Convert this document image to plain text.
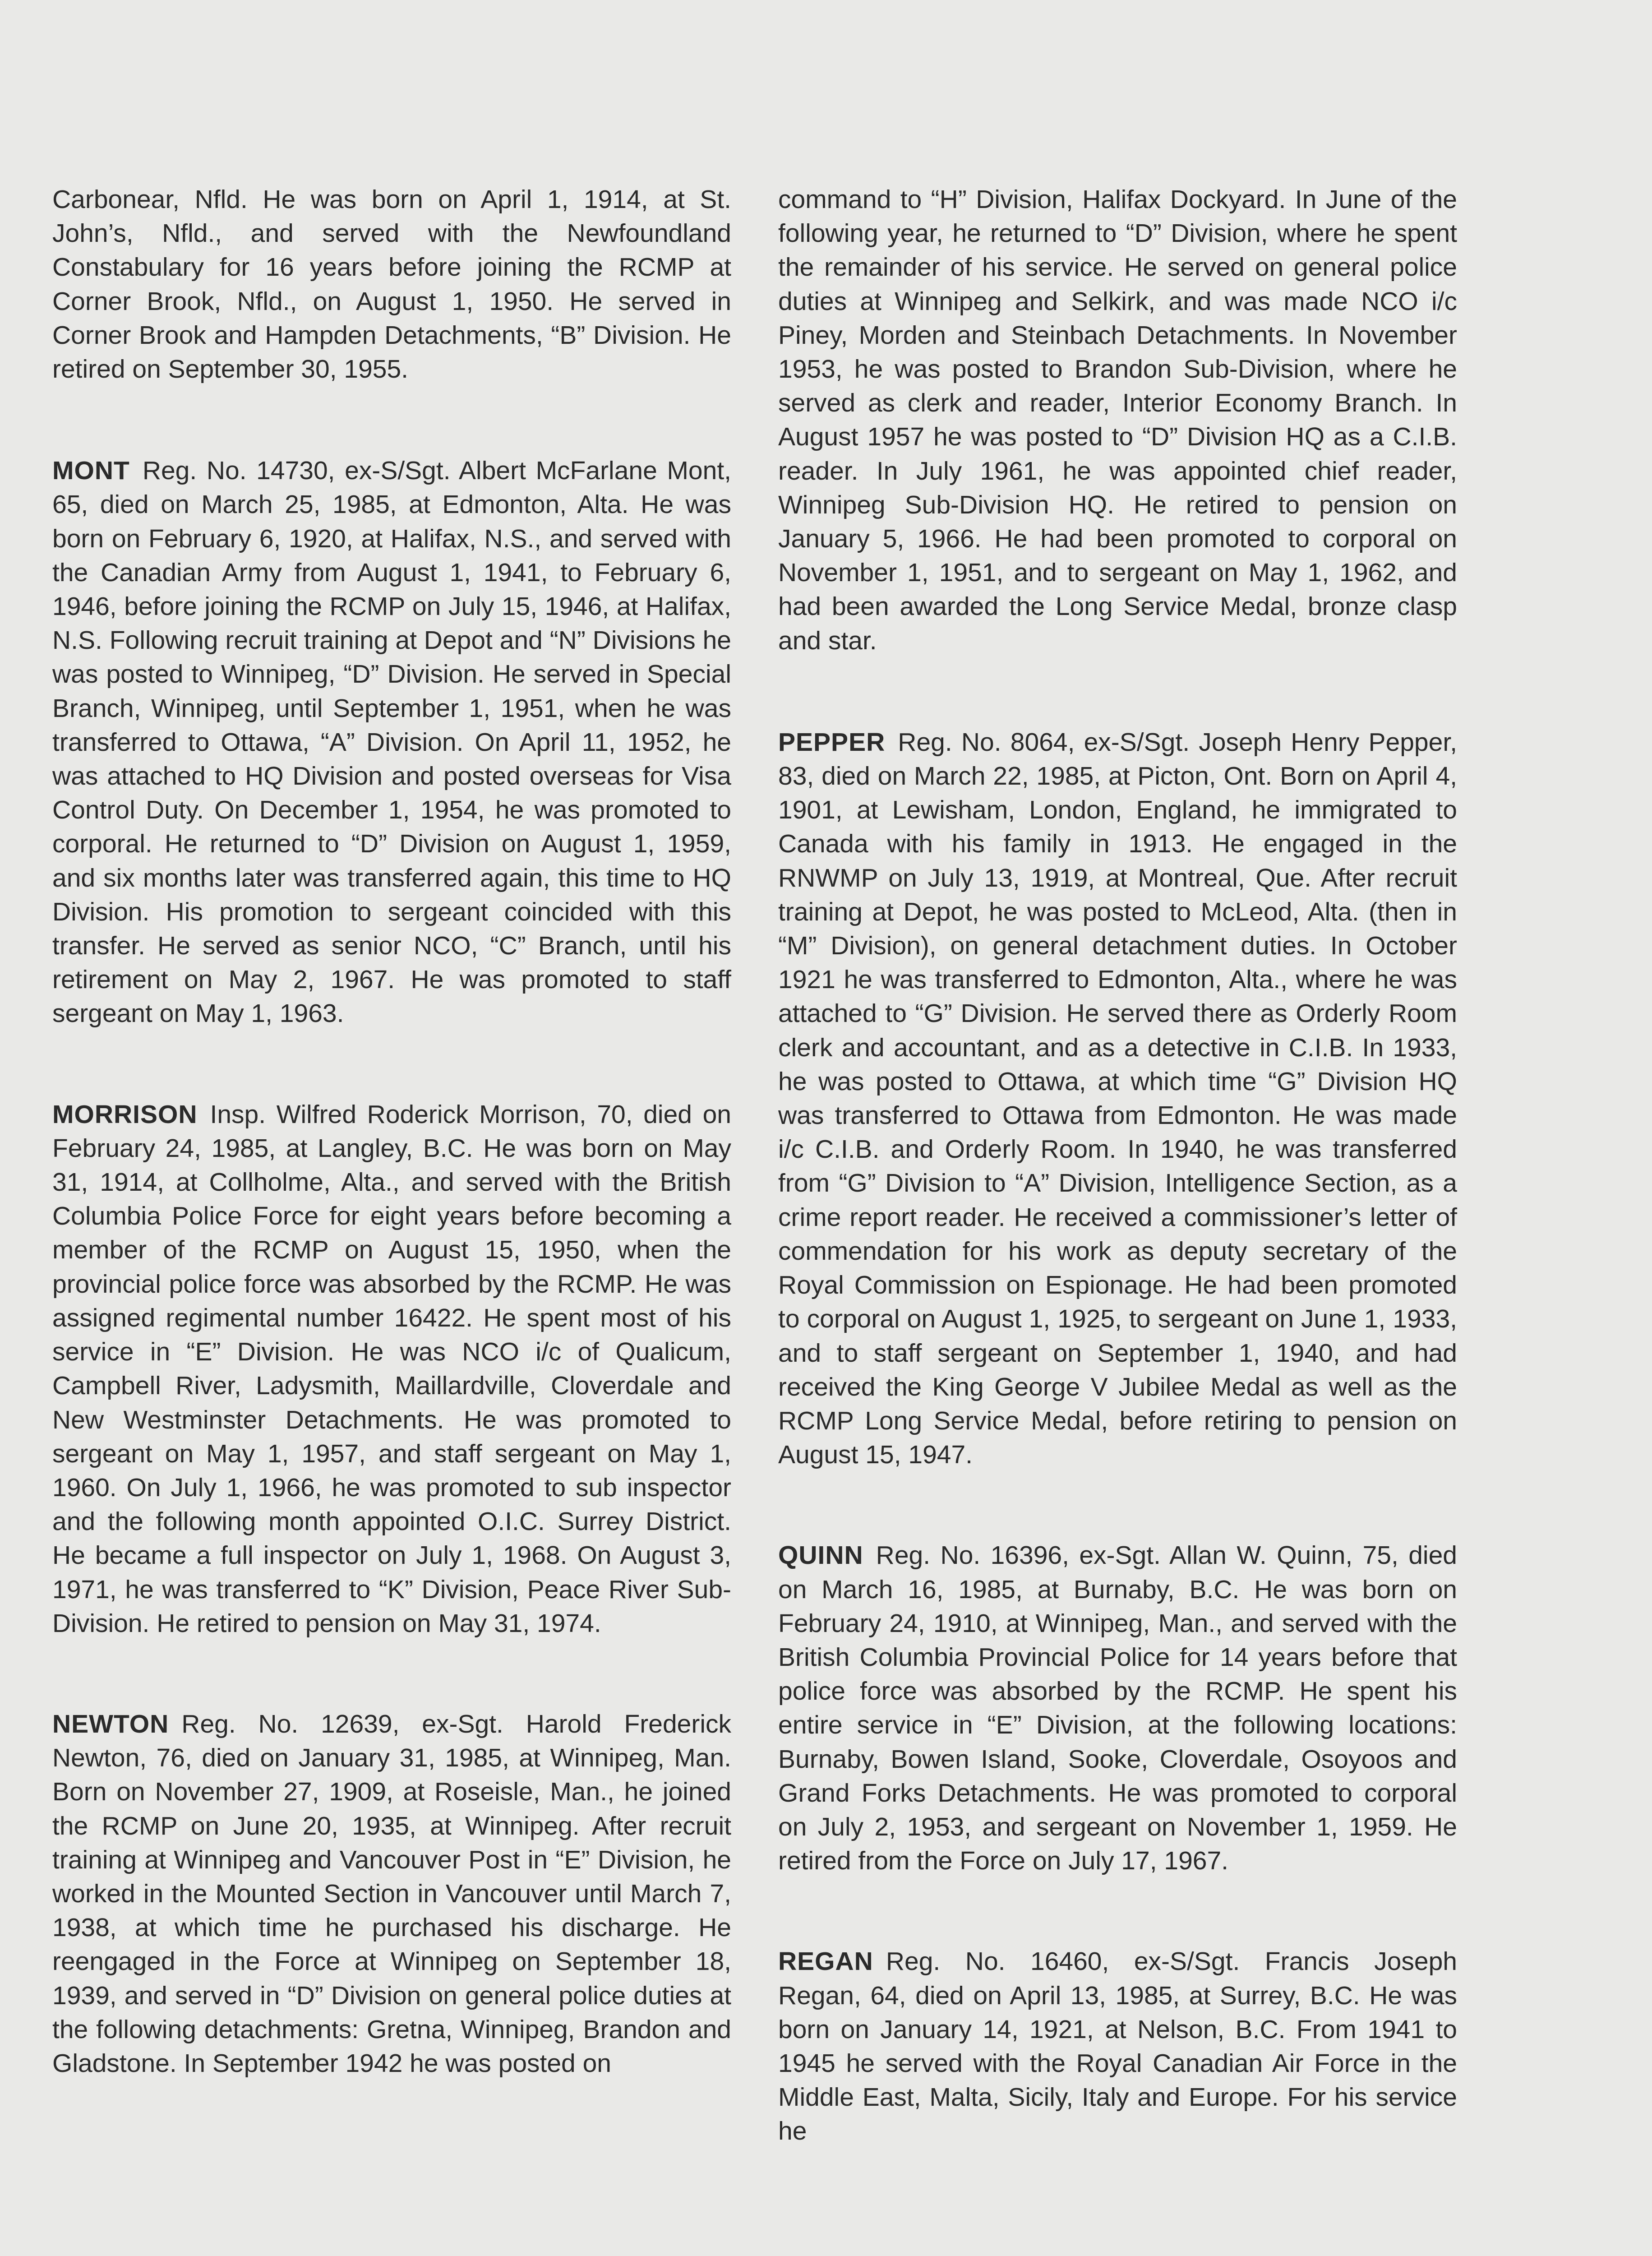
Carbonear, Nfld. He was born on April 1, 1914, at St. John’s, Nfld., and served with the Newfoundland Constabulary for 16 years before joining the RCMP at Corner Brook, Nfld., on August 1, 1950. He served in Corner Brook and Hampden Detachments, “B” Division. He retired on September 30, 1955.

MONT Reg. No. 14730, ex-S/Sgt. Albert McFarlane Mont, 65, died on March 25, 1985, at Edmonton, Alta. He was born on February 6, 1920, at Halifax, N.S., and served with the Canadian Army from August 1, 1941, to February 6, 1946, before joining the RCMP on July 15, 1946, at Halifax, N.S. Following recruit training at Depot and “N” Divisions he was posted to Winnipeg, “D” Division. He served in Special Branch, Winnipeg, until September 1, 1951, when he was transferred to Ottawa, “A” Division. On April 11, 1952, he was attached to HQ Division and posted overseas for Visa Control Duty. On December 1, 1954, he was promoted to corporal. He returned to “D” Division on August 1, 1959, and six months later was transferred again, this time to HQ Division. His promotion to sergeant coincided with this transfer. He served as senior NCO, “C” Branch, until his retirement on May 2, 1967. He was promoted to staff sergeant on May 1, 1963.

MORRISON Insp. Wilfred Roderick Morrison, 70, died on February 24, 1985, at Langley, B.C. He was born on May 31, 1914, at Collholme, Alta., and served with the British Columbia Police Force for eight years before becoming a member of the RCMP on August 15, 1950, when the provincial police force was absorbed by the RCMP. He was assigned regimental number 16422. He spent most of his service in “E” Division. He was NCO i/c of Qualicum, Campbell River, Ladysmith, Maillardville, Cloverdale and New Westminster Detachments. He was promoted to sergeant on May 1, 1957, and staff sergeant on May 1, 1960. On July 1, 1966, he was promoted to sub inspector and the following month appointed O.I.C. Surrey District. He became a full inspector on July 1, 1968. On August 3, 1971, he was transferred to “K” Division, Peace River Sub-Division. He retired to pension on May 31, 1974.

NEWTON Reg. No. 12639, ex-Sgt. Harold Frederick Newton, 76, died on January 31, 1985, at Winnipeg, Man. Born on November 27, 1909, at Roseisle, Man., he joined the RCMP on June 20, 1935, at Winnipeg. After recruit training at Winnipeg and Vancouver Post in “E” Division, he worked in the Mounted Section in Vancouver until March 7, 1938, at which time he purchased his discharge. He reengaged in the Force at Winnipeg on September 18, 1939, and served in “D” Division on general police duties at the following detachments: Gretna, Winnipeg, Brandon and Gladstone. In September 1942 he was posted on

command to “H” Division, Halifax Dockyard. In June of the following year, he returned to “D” Division, where he spent the remainder of his service. He served on general police duties at Winnipeg and Selkirk, and was made NCO i/c Piney, Morden and Steinbach Detachments. In November 1953, he was posted to Brandon Sub-Division, where he served as clerk and reader, Interior Economy Branch. In August 1957 he was posted to “D” Division HQ as a C.I.B. reader. In July 1961, he was appointed chief reader, Winnipeg Sub-Division HQ. He retired to pension on January 5, 1966. He had been promoted to corporal on November 1, 1951, and to sergeant on May 1, 1962, and had been awarded the Long Service Medal, bronze clasp and star.

PEPPER Reg. No. 8064, ex-S/Sgt. Joseph Henry Pepper, 83, died on March 22, 1985, at Picton, Ont. Born on April 4, 1901, at Lewisham, London, England, he immigrated to Canada with his family in 1913. He engaged in the RNWMP on July 13, 1919, at Montreal, Que. After recruit training at Depot, he was posted to McLeod, Alta. (then in “M” Division), on general detachment duties. In October 1921 he was transferred to Edmonton, Alta., where he was attached to “G” Division. He served there as Orderly Room clerk and accountant, and as a detective in C.I.B. In 1933, he was posted to Ottawa, at which time “G” Division HQ was transferred to Ottawa from Edmonton. He was made i/c C.I.B. and Orderly Room. In 1940, he was transferred from “G” Division to “A” Division, Intelligence Section, as a crime report reader. He received a commissioner’s letter of commendation for his work as deputy secretary of the Royal Commission on Espionage. He had been promoted to corporal on August 1, 1925, to sergeant on June 1, 1933, and to staff sergeant on September 1, 1940, and had received the King George V Jubilee Medal as well as the RCMP Long Service Medal, before retiring to pension on August 15, 1947.

QUINN Reg. No. 16396, ex-Sgt. Allan W. Quinn, 75, died on March 16, 1985, at Burnaby, B.C. He was born on February 24, 1910, at Winnipeg, Man., and served with the British Columbia Provincial Police for 14 years before that police force was absorbed by the RCMP. He spent his entire service in “E” Division, at the following locations: Burnaby, Bowen Island, Sooke, Cloverdale, Osoyoos and Grand Forks Detachments. He was promoted to corporal on July 2, 1953, and sergeant on November 1, 1959. He retired from the Force on July 17, 1967.

REGAN Reg. No. 16460, ex-S/Sgt. Francis Joseph Regan, 64, died on April 13, 1985, at Surrey, B.C. He was born on January 14, 1921, at Nelson, B.C. From 1941 to 1945 he served with the Royal Canadian Air Force in the Middle East, Malta, Sicily, Italy and Europe. For his service he
